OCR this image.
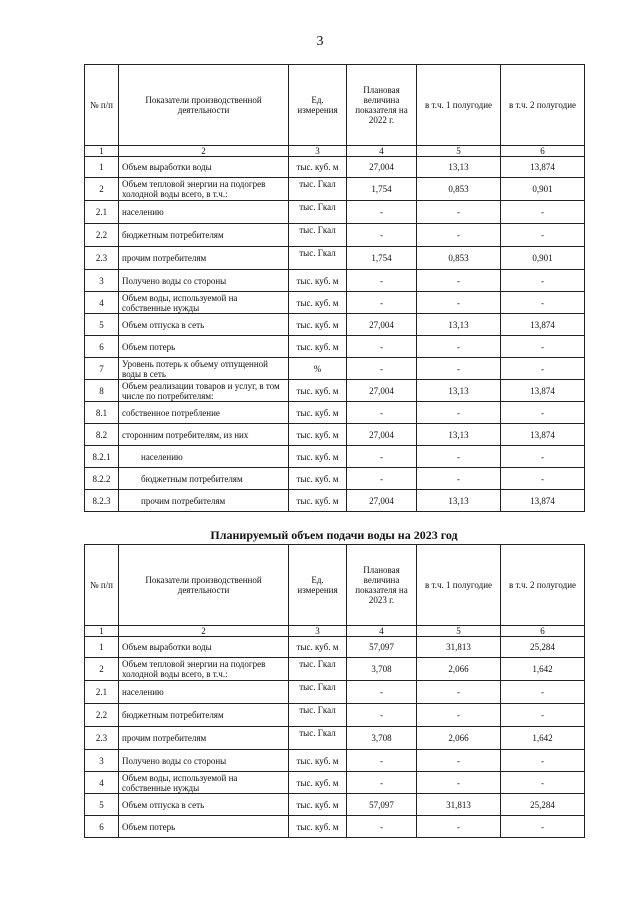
3
№ п/п	Показатели производственной деятельности	Ед. измерения	Плановая величина показателя на 2022 г.	в т.ч. 1 полугодие	в т.ч. 2 полугодие
1	2	3	4	5	6
1	Объем выработки воды	тыс. куб. м	27,004	13,13	13,874
2	Объем тепловой энергии на подогрев холодной воды всего, в т.ч.:	тыс. Гкал	1,754	0,853	0,901
2.1	населению	тыс. Гкал	-	-	-
2.2	бюджетным потребителям	тыс. Гкал	-	-	-
2.3	прочим потребителям	тыс. Гкал	1,754	0,853	0,901
3	Получено воды со стороны	тыс. куб. м	-	-	-
4	Объем воды, используемой на собственные нужды	тыс. куб. м	-	-	-
5	Объем отпуска в сеть	тыс. куб. м	27,004	13,13	13,874
6	Объем потерь	тыс. куб. м	-	-	-
7	Уровень потерь к объему отпущенной воды в сеть	%	-	-	-
8	Объем реализации товаров и услуг, в том числе по потребителям:	тыс. куб. м	27,004	13,13	13,874
8.1	собственное потребление	тыс. куб. м	-	-	-
8.2	сторонним потребителям, из них	тыс. куб. м	27,004	13,13	13,874
8.2.1	населению	тыс. куб. м	-	-	-
8.2.2	бюджетным потребителям	тыс. куб. м	-	-	-
8.2.3	прочим потребителям	тыс. куб. м	27,004	13,13	13,874
Планируемый объем подачи воды на 2023 год
№ п/п	Показатели производственной деятельности	Ед. измерения	Плановая величина показателя на 2023 г.	в т.ч. 1 полугодие	в т.ч. 2 полугодие
1	2	3	4	5	6
1	Объем выработки воды	тыс. куб. м	57,097	31,813	25,284
2	Объем тепловой энергии на подогрев холодной воды всего, в т.ч.:	тыс. Гкал	3,708	2,066	1,642
2.1	населению	тыс. Гкал	-	-	-
2.2	бюджетным потребителям	тыс. Гкал	-	-	-
2.3	прочим потребителям	тыс. Гкал	3,708	2,066	1,642
3	Получено воды со стороны	тыс. куб. м	-	-	-
4	Объем воды, используемой на собственные нужды	тыс. куб. м	-	-	-
5	Объем отпуска в сеть	тыс. куб. м	57,097	31,813	25,284
6	Объем потерь	тыс. куб. м	-	-	-
